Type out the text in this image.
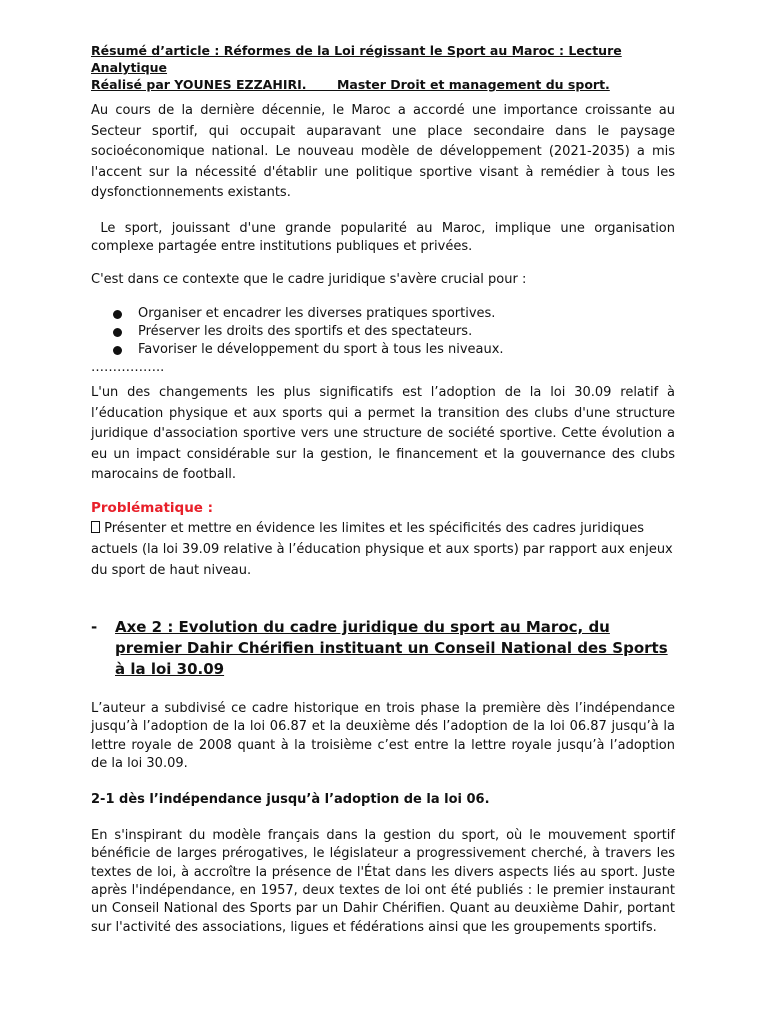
Résumé d’article : Réformes de la Loi régissant le Sport au Maroc : Lecture Analytique

Réalisé par YOUNES EZZAHIRI.       Master Droit et management du sport.

Au cours de la dernière décennie, le Maroc a accordé une importance croissante au Secteur sportif, qui occupait auparavant une place secondaire dans le paysage socioéconomique national. Le nouveau modèle de développement (2021-2035) a mis l'accent sur la nécessité d'établir une politique sportive visant à remédier à tous les dysfonctionnements existants.

Le sport, jouissant d'une grande popularité au Maroc, implique une organisation complexe partagée entre institutions publiques et privées.

C'est dans ce contexte que le cadre juridique s'avère crucial pour :

Organiser et encadrer les diverses pratiques sportives.
Préserver les droits des sportifs et des spectateurs.
Favoriser le développement du sport à tous les niveaux.

……………..

L'un des changements les plus significatifs est l’adoption de la loi 30.09 relatif à l’éducation physique et aux sports qui a permet la transition des clubs d'une structure juridique d'association sportive vers une structure de société sportive. Cette évolution a eu un impact considérable sur la gestion, le financement et la gouvernance des clubs marocains de football.

Problématique :

Présenter et mettre en évidence les limites et les spécificités des cadres juridiques

actuels (la loi 39.09 relative à l’éducation physique et aux sports) par rapport aux enjeux

du sport de haut niveau.

- Axe 2 : Evolution du cadre juridique du sport au Maroc, du premier Dahir Chérifien instituant un Conseil National des Sports à la loi 30.09

L’auteur a subdivisé ce cadre historique en trois phase la première dès l’indépendance jusqu’à l’adoption de la loi 06.87 et la deuxième dés l’adoption de la loi 06.87 jusqu’à la lettre royale de 2008 quant à la troisième c’est entre la lettre royale jusqu’à l’adoption de la loi 30.09.

2-1 dès l’indépendance jusqu’à l’adoption de la loi 06.

En s'inspirant du modèle français dans la gestion du sport, où le mouvement sportif bénéficie de larges prérogatives, le législateur a progressivement cherché, à travers les textes de loi, à accroître la présence de l'État dans les divers aspects liés au sport. Juste après l'indépendance, en 1957, deux textes de loi ont été publiés : le premier instaurant un Conseil National des Sports par un Dahir Chérifien. Quant au deuxième Dahir, portant sur l'activité des associations, ligues et fédérations ainsi que les groupements sportifs.
